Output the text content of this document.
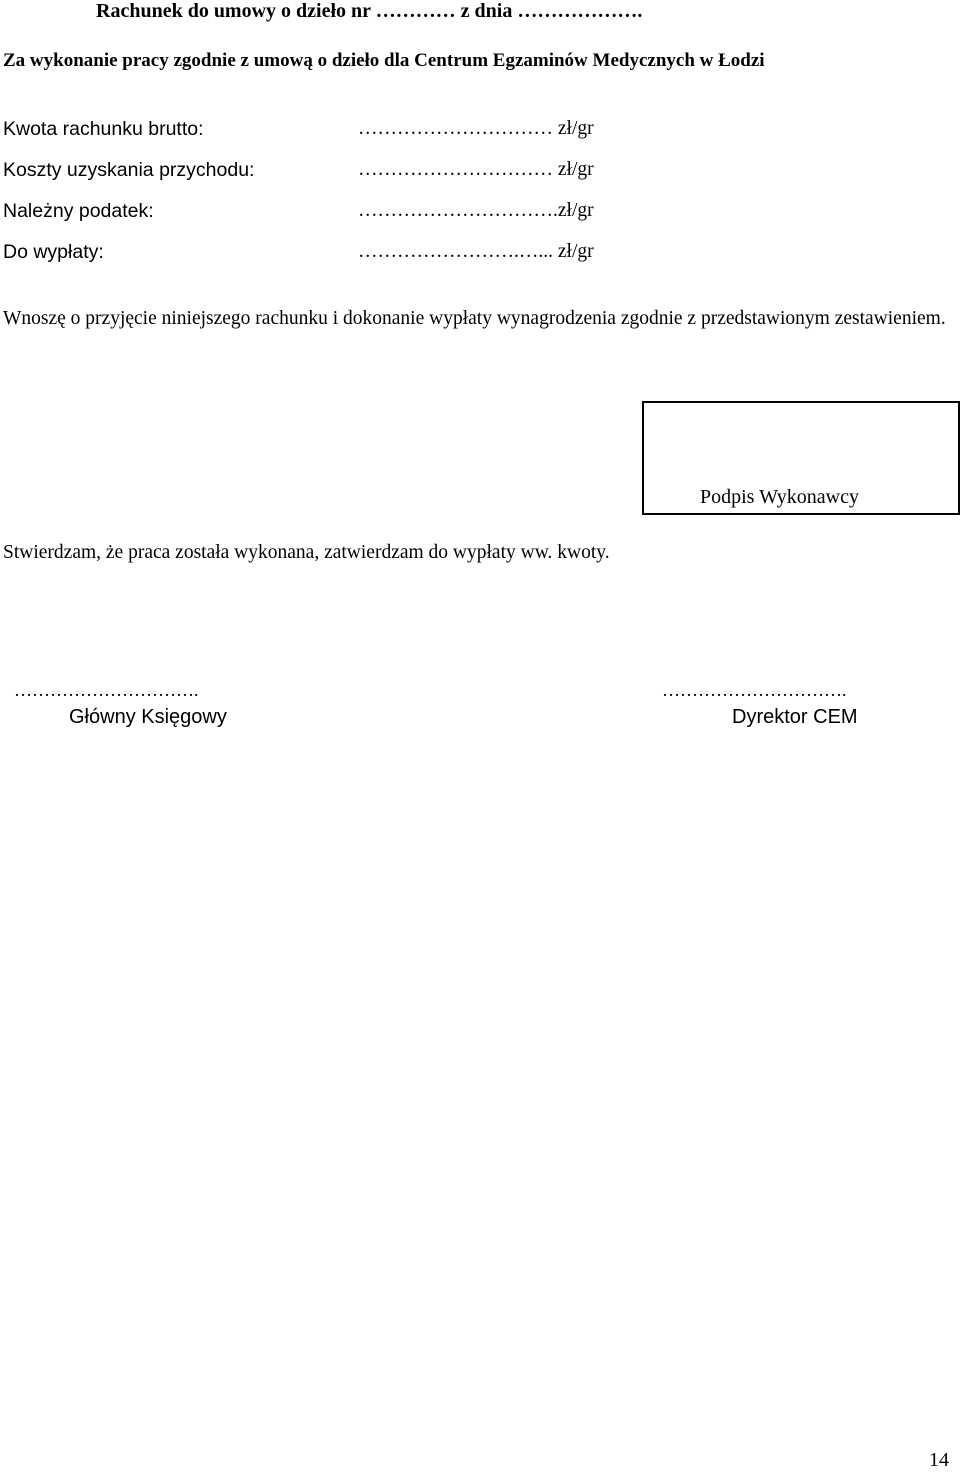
Rachunek do umowy o dzieło nr ………… z dnia ……………….
Za wykonanie pracy zgodnie z umową o dzieło dla Centrum Egzaminów Medycznych w Łodzi
Kwota rachunku brutto:	………………………… zł/gr
Koszty uzyskania przychodu:	………………………… zł/gr
Należny podatek:	………………………….zł/gr
Do wypłaty:	…………………….…... zł/gr
Wnoszę o przyjęcie niniejszego rachunku i dokonanie wypłaty wynagrodzenia zgodnie z przedstawionym zestawieniem.
Podpis Wykonawcy
Stwierdzam, że praca została wykonana, zatwierdzam do wypłaty ww. kwoty.
………………………….
Główny Księgowy
………………………….
Dyrektor CEM
14
